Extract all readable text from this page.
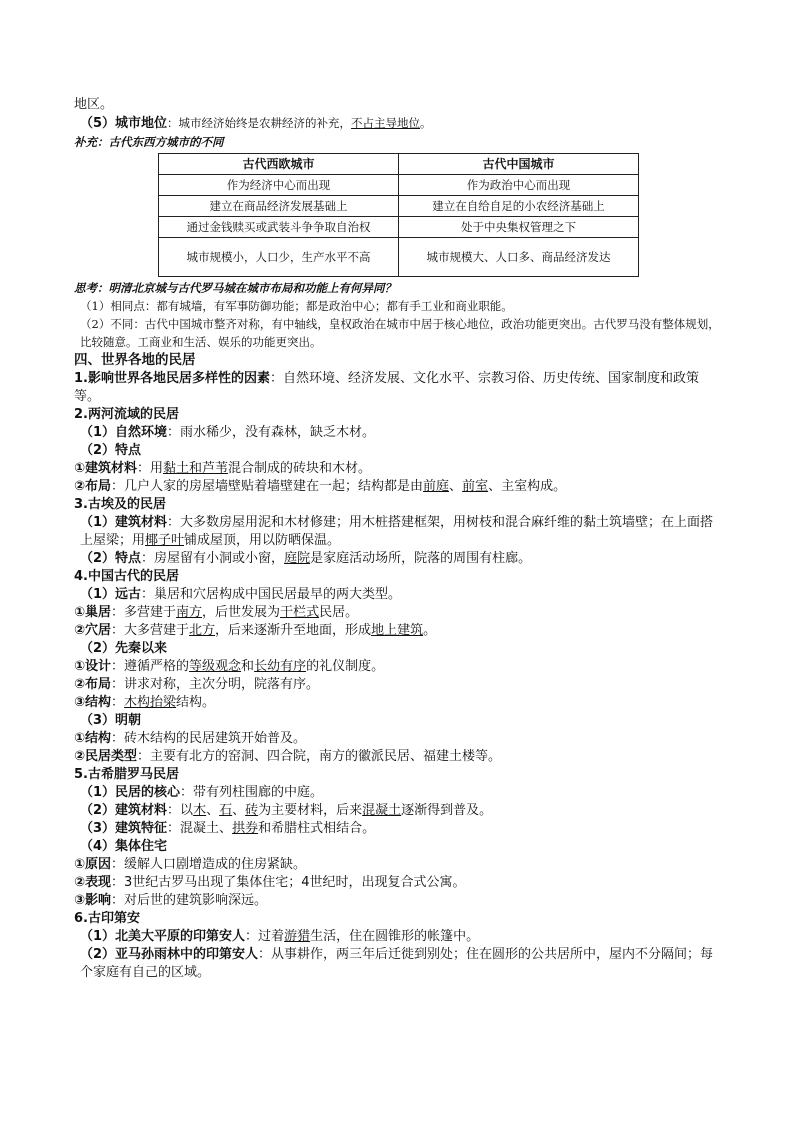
地区。
（5）城市地位：城市经济始终是农耕经济的补充，不占主导地位。
补充：古代东西方城市的不同
古代西欧城市	古代中国城市
作为经济中心而出现	作为政治中心而出现
建立在商品经济发展基础上	建立在自给自足的小农经济基础上
通过金钱赎买或武装斗争争取自治权	处于中央集权管理之下
城市规模小，人口少，生产水平不高	城市规模大、人口多、商品经济发达
思考：明清北京城与古代罗马城在城市布局和功能上有何异同？
（1）相同点：都有城墙，有军事防御功能；都是政治中心；都有手工业和商业职能。
（2）不同：古代中国城市整齐对称，有中轴线，皇权政治在城市中居于核心地位，政治功能更突出。古代罗马没有整体规划，比较随意。工商业和生活、娱乐的功能更突出。
四、世界各地的民居
1.影响世界各地民居多样性的因素：自然环境、经济发展、文化水平、宗教习俗、历史传统、国家制度和政策等。
2.两河流域的民居
（1）自然环境：雨水稀少，没有森林，缺乏木材。
（2）特点
①建筑材料：用黏土和芦苇混合制成的砖块和木材。
②布局：几户人家的房屋墙壁贴着墙壁建在一起；结构都是由前庭、前室、主室构成。
3.古埃及的民居
（1）建筑材料：大多数房屋用泥和木材修建；用木桩搭建框架，用树枝和混合麻纤维的黏土筑墙壁；在上面搭上屋梁；用椰子叶铺成屋顶，用以防晒保温。
（2）特点：房屋留有小洞或小窗，庭院是家庭活动场所，院落的周围有柱廊。
4.中国古代的民居
（1）远古：巢居和穴居构成中国民居最早的两大类型。
①巢居：多营建于南方，后世发展为干栏式民居。
②穴居：大多营建于北方，后来逐渐升至地面，形成地上建筑。
（2）先秦以来
①设计：遵循严格的等级观念和长幼有序的礼仪制度。
②布局：讲求对称，主次分明，院落有序。
③结构：木构抬梁结构。
（3）明朝
①结构：砖木结构的民居建筑开始普及。
②民居类型：主要有北方的窑洞、四合院，南方的徽派民居、福建土楼等。
5.古希腊罗马民居
（1）民居的核心：带有列柱围廊的中庭。
（2）建筑材料：以木、石、砖为主要材料，后来混凝土逐渐得到普及。
（3）建筑特征：混凝土、拱券和希腊柱式相结合。
（4）集体住宅
①原因：缓解人口剧增造成的住房紧缺。
②表现：3世纪古罗马出现了集体住宅；4世纪时，出现复合式公寓。
③影响：对后世的建筑影响深远。
6.古印第安
（1）北美大平原的印第安人：过着游猎生活，住在圆锥形的帐篷中。
（2）亚马孙雨林中的印第安人：从事耕作，两三年后迁徙到别处；住在圆形的公共居所中，屋内不分隔间；每个家庭有自己的区域。
